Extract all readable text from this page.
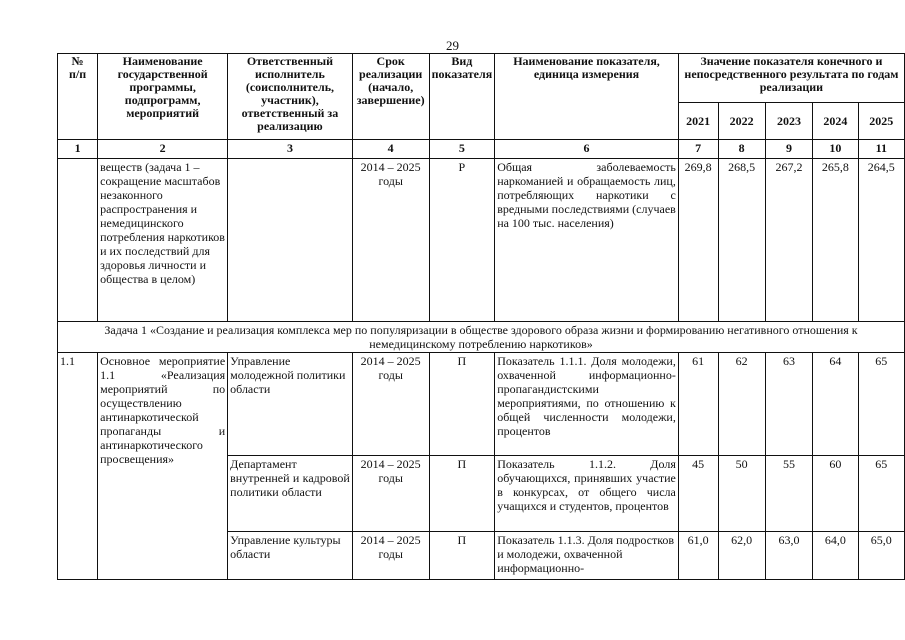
29
№
п/п	Наименование государственной программы, подпрограмм, мероприятий	Ответственный исполнитель (соисполнитель, участник), ответственный за реализацию	Срок реализации (начало, завершение)	Вид показателя	Наименование показателя, единица измерения	Значение показателя конечного и непосредственного результата по годам реализации				
						2021	2022	2023	2024	2025
1	2	3	4	5	6	7	8	9	10	11
	веществ (задача 1 – сокращение масштабов незаконного распространения и немедицинского потребления наркотиков и их последствий для здоровья личности и общества в целом)		2014 – 2025 годы	Р	Общая заболеваемость наркоманией и обращаемость лиц, потребляющих наркотики с вредными последствиями (случаев на 100 тыс. населения)	269,8	268,5	267,2	265,8	264,5
Задача 1 «Создание и реализация комплекса мер по популяризации в обществе здорового образа жизни и формированию негативного отношения к немедицинскому потреблению наркотиков»										
1.1	Основное мероприятие 1.1 «Реализация мероприятий по осуществлению антинаркотической пропаганды и антинаркотического просвещения»	Управление молодежной политики области	2014 – 2025 годы	П	Показатель 1.1.1. Доля молодежи, охваченной информационно-пропагандистскими мероприятиями, по отношению к общей численности молодежи, процентов	61	62	63	64	65
		Департамент внутренней и кадровой политики области	2014 – 2025 годы	П	Показатель 1.1.2. Доля обучающихся, принявших участие в конкурсах, от общего числа учащихся и студентов, процентов	45	50	55	60	65
		Управление культуры области	2014 – 2025 годы	П	Показатель 1.1.3. Доля подростков и молодежи, охваченной информационно-	61,0	62,0	63,0	64,0	65,0
